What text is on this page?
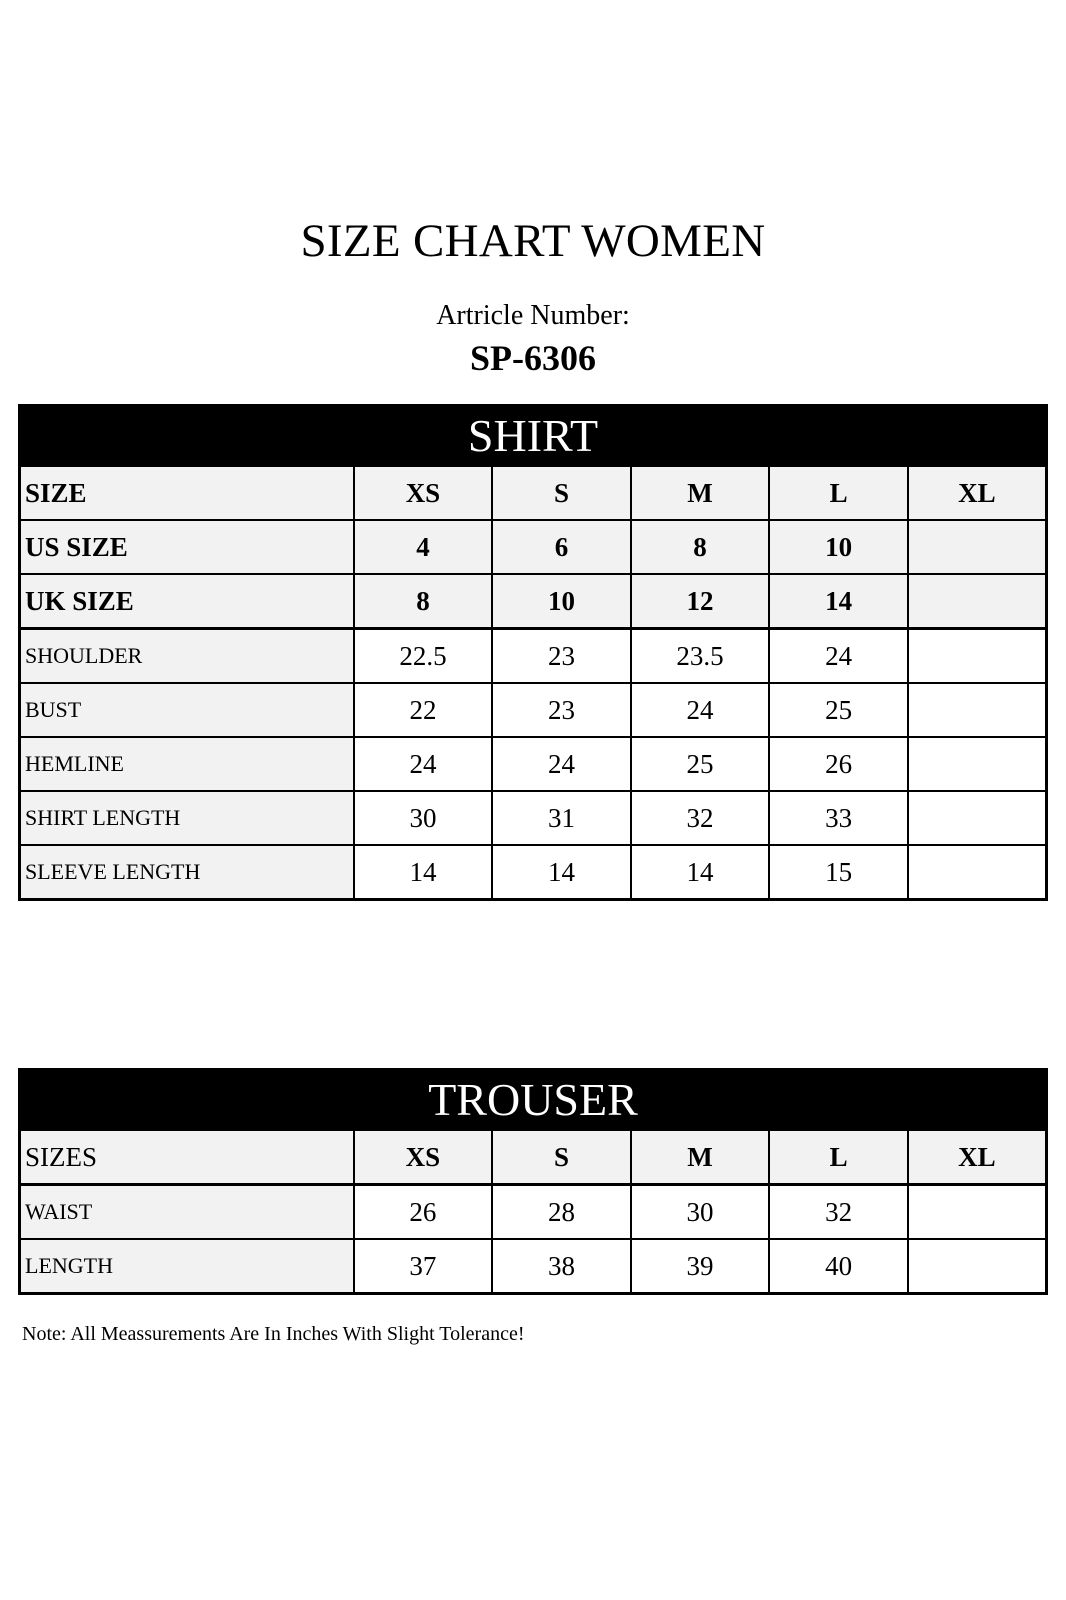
SIZE CHART WOMEN
Artricle Number:
SP-6306
SHIRT					
SIZE	XS	S	M	L	XL
US SIZE	4	6	8	10	
UK SIZE	8	10	12	14	
SHOULDER	22.5	23	23.5	24	
BUST	22	23	24	25	
HEMLINE	24	24	25	26	
SHIRT LENGTH	30	31	32	33	
SLEEVE LENGTH	14	14	14	15	
TROUSER					
SIZES	XS	S	M	L	XL
WAIST	26	28	30	32	
LENGTH	37	38	39	40	
Note: All Meassurements Are In Inches With Slight Tolerance!
